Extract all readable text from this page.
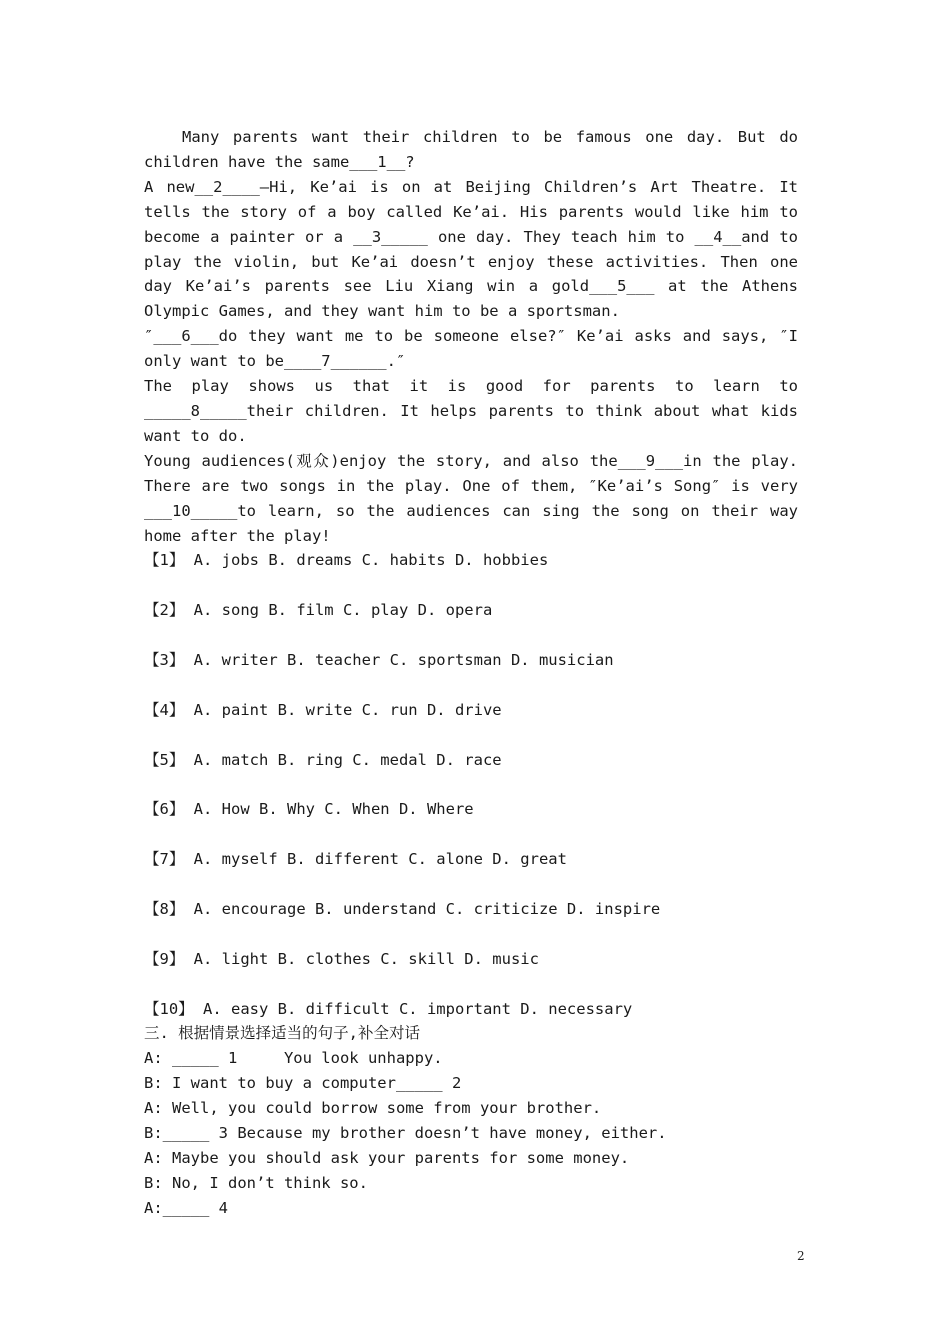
Many parents want their children to be famous one day. But do children have the same___1__?

A new__2____—Hi, Ke’ai is on at Beijing Children’s Art Theatre. It tells the story of a boy called Ke’ai. His parents would like him to become a painter or a __3_____ one day. They teach him to __4__and to play the violin, but Ke’ai doesn’t enjoy these activities. Then one day Ke’ai’s parents see Liu Xiang win a gold___5___ at the Athens Olympic Games, and they want him to be a sportsman.

″___6___do they want me to be someone else?″ Ke’ai asks and says, ″I only want to be____7______.″

The play shows us that it is good for parents to learn to _____8_____their children. It helps parents to think about what kids want to do.

Young audiences(观众)enjoy the story, and also the___9___in the play. There are two songs in the play. One of them, ″Ke’ai’s Song″ is very ___10_____to learn, so the audiences can sing the song on their way home after the play!

【1】 A. jobs B. dreams C. habits D. hobbies

【2】 A. song B. film C. play D. opera

【3】 A. writer B. teacher C. sportsman D. musician

【4】 A. paint B. write C. run D. drive

【5】 A. match B. ring C. medal D. race

【6】 A. How B. Why C. When D. Where

【7】 A. myself B. different C. alone D. great

【8】 A. encourage B. understand C. criticize D. inspire

【9】 A. light B. clothes C. skill D. music

【10】 A. easy B. difficult C. important D. necessary

三. 根据情景选择适当的句子,补全对话

A: _____ 1     You look unhappy.

B: I want to buy a computer_____ 2

A: Well, you could borrow some from your brother.

B:_____ 3 Because my brother doesn’t have money, either.

A: Maybe you should ask your parents for some money.

B: No, I don’t think so.

A:_____ 4

2
